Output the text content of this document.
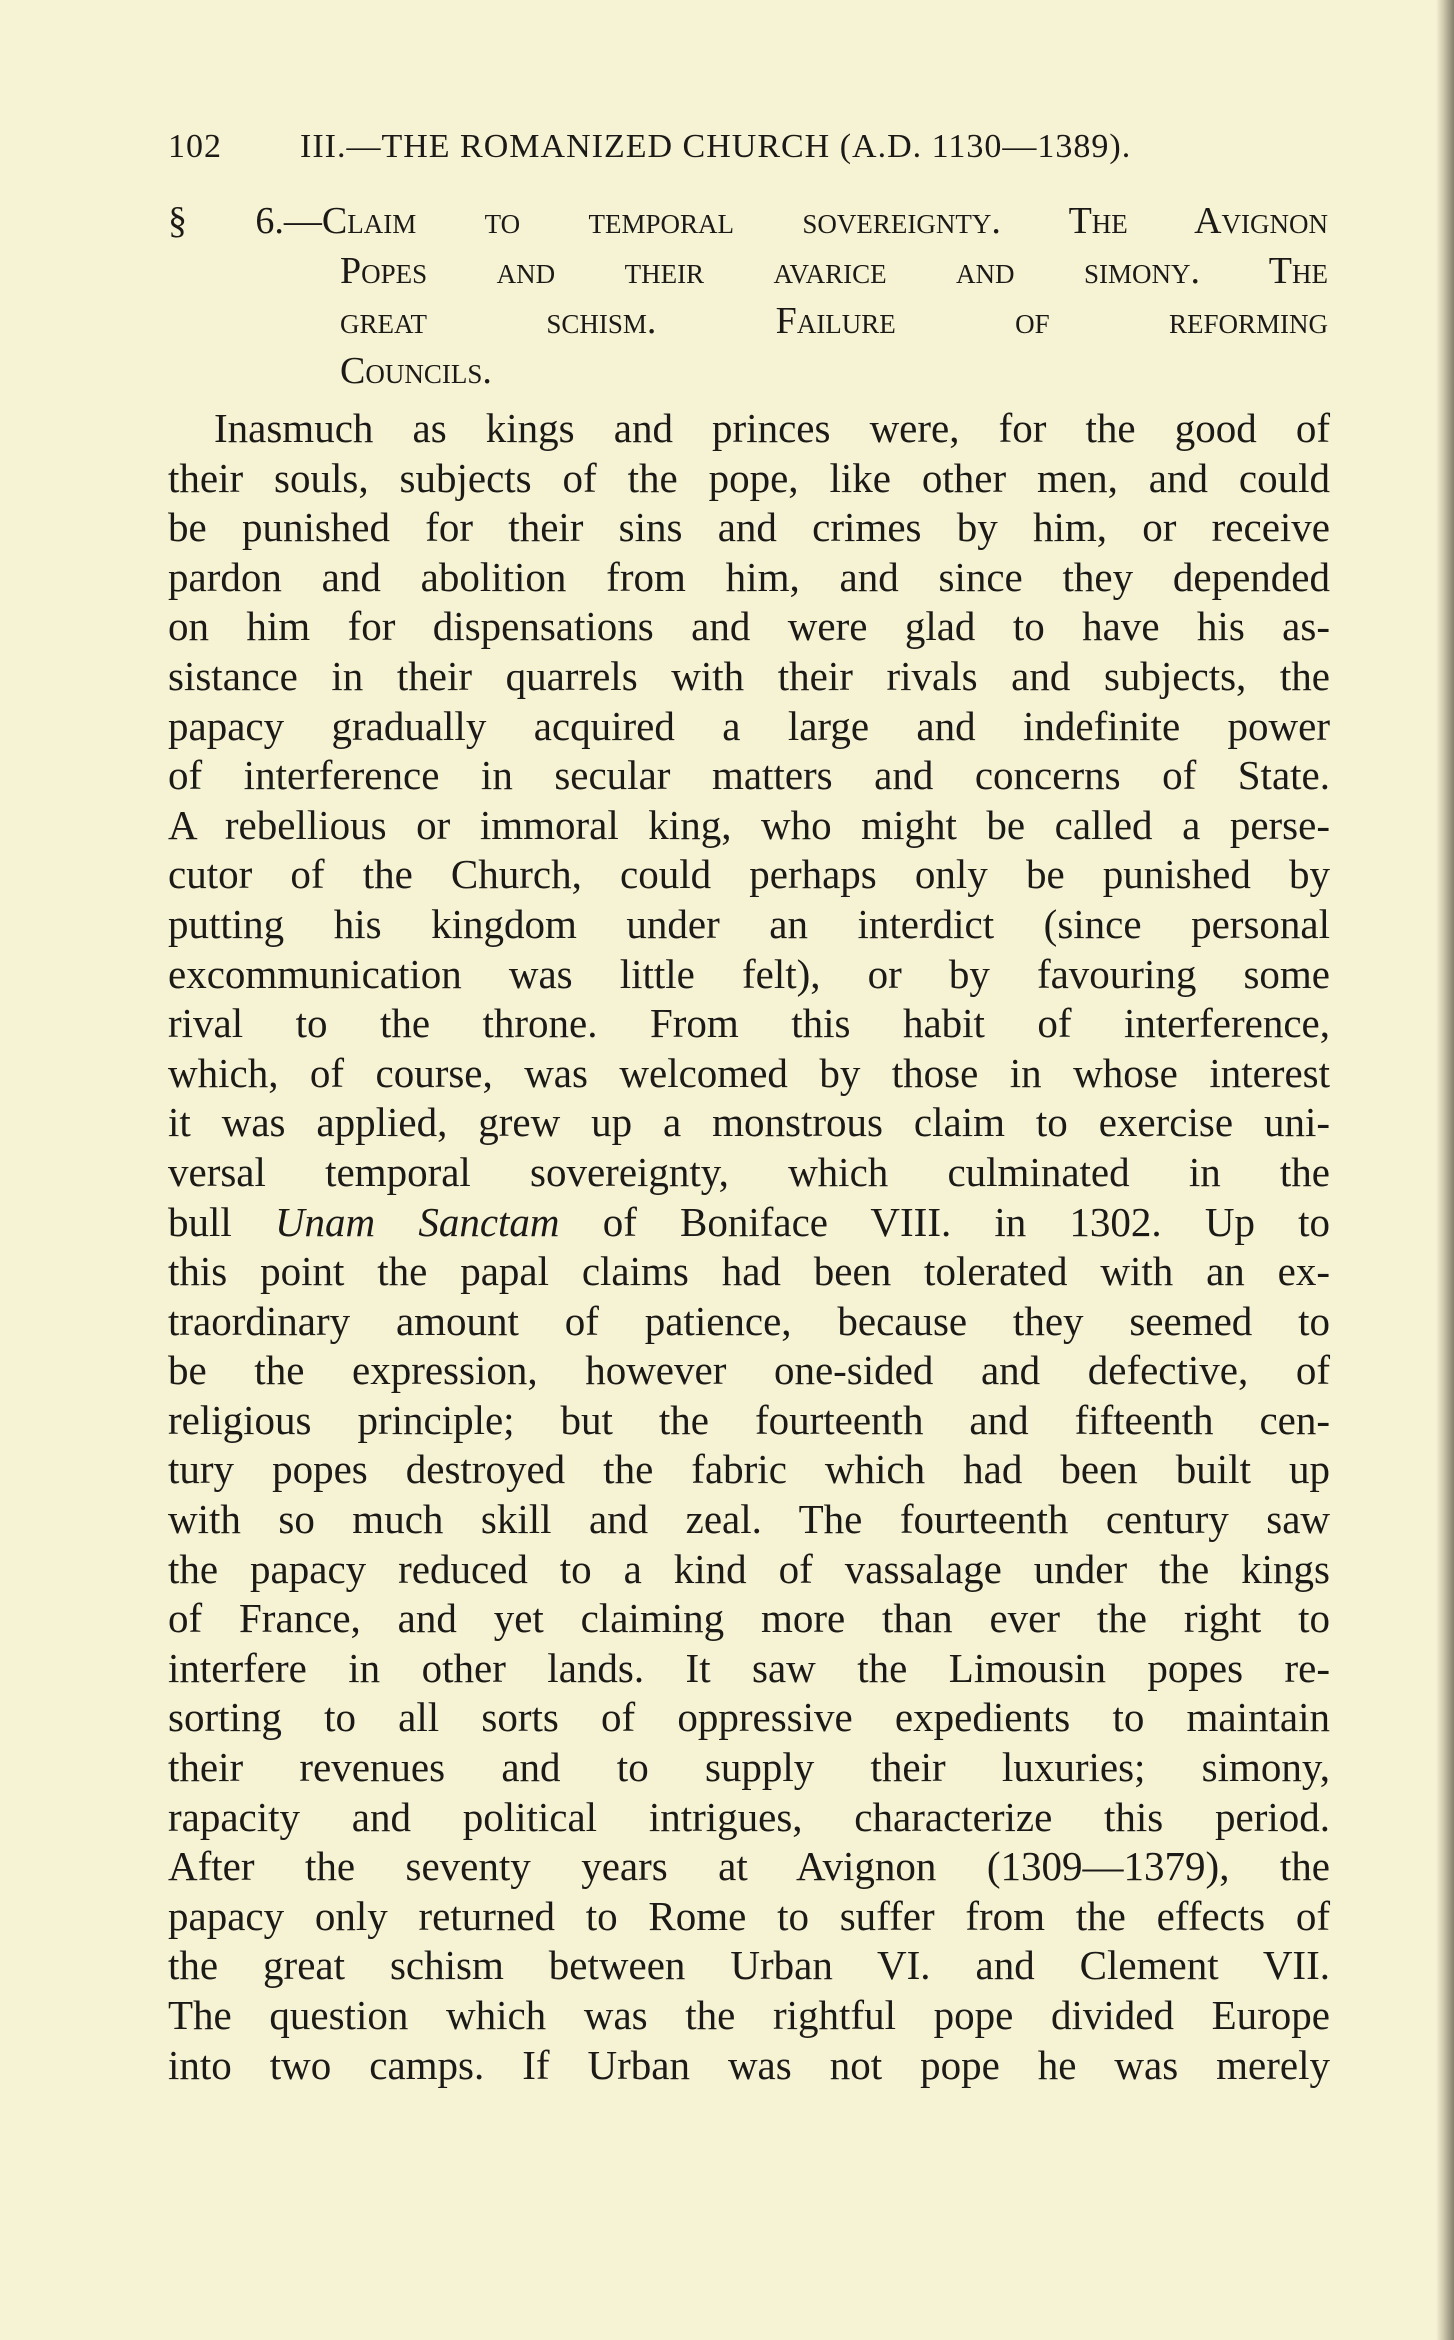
102 III.—THE ROMANIZED CHURCH (A.D. 1130—1389).
§ 6.—Claim to temporal sovereignty. The Avignon
Popes and their avarice and simony. The
great schism. Failure of reforming
Councils.
Inasmuch as kings and princes were, for the good of
their souls, subjects of the pope, like other men, and could
be punished for their sins and crimes by him, or receive
pardon and abolition from him, and since they depended
on him for dispensations and were glad to have his as-
sistance in their quarrels with their rivals and subjects, the
papacy gradually acquired a large and indefinite power
of interference in secular matters and concerns of State.
A rebellious or immoral king, who might be called a perse-
cutor of the Church, could perhaps only be punished by
putting his kingdom under an interdict (since personal
excommunication was little felt), or by favouring some
rival to the throne. From this habit of interference,
which, of course, was welcomed by those in whose interest
it was applied, grew up a monstrous claim to exercise uni-
versal temporal sovereignty, which culminated in the
bull Unam Sanctam of Boniface VIII. in 1302. Up to
this point the papal claims had been tolerated with an ex-
traordinary amount of patience, because they seemed to
be the expression, however one-sided and defective, of
religious principle; but the fourteenth and fifteenth cen-
tury popes destroyed the fabric which had been built up
with so much skill and zeal. The fourteenth century saw
the papacy reduced to a kind of vassalage under the kings
of France, and yet claiming more than ever the right to
interfere in other lands. It saw the Limousin popes re-
sorting to all sorts of oppressive expedients to maintain
their revenues and to supply their luxuries; simony,
rapacity and political intrigues, characterize this period.
After the seventy years at Avignon (1309—1379), the
papacy only returned to Rome to suffer from the effects of
the great schism between Urban VI. and Clement VII.
The question which was the rightful pope divided Europe
into two camps. If Urban was not pope he was merely
